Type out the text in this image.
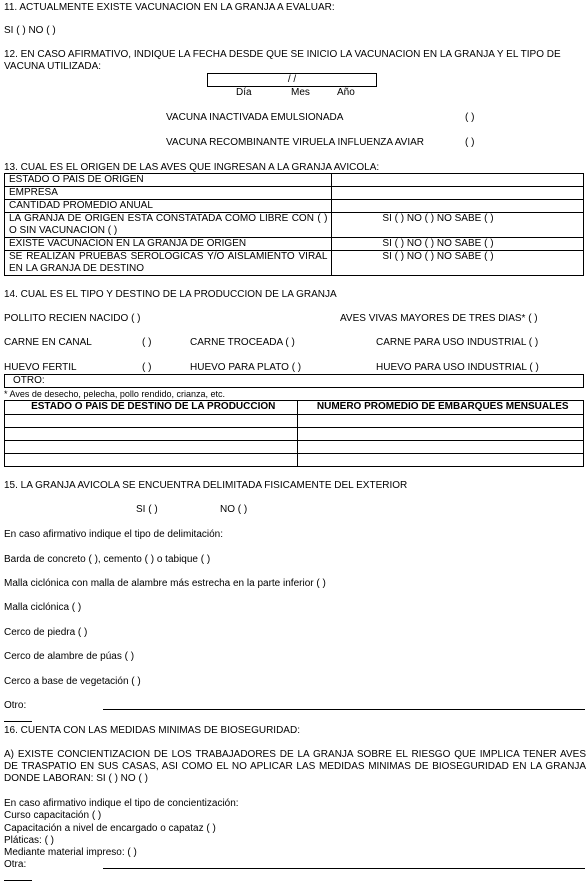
11. ACTUALMENTE EXISTE VACUNACION EN LA GRANJA A EVALUAR:
SI ( ) NO ( )
12. EN CASO AFIRMATIVO, INDIQUE LA FECHA DESDE QUE SE INICIO LA VACUNACION EN LA GRANJA Y EL TIPO DE VACUNA UTILIZADA:
/ /
Día	Mes	Año
VACUNA INACTIVADA EMULSIONADA	( )
VACUNA RECOMBINANTE VIRUELA INFLUENZA AVIAR	( )
13. CUAL ES EL ORIGEN DE LAS AVES QUE INGRESAN A LA GRANJA AVICOLA:
ESTADO O PAIS DE ORIGEN	
EMPRESA	
CANTIDAD PROMEDIO ANUAL	
LA GRANJA DE ORIGEN ESTA CONSTATADA COMO LIBRE CON ( ) O SIN VACUNACION ( )	SI ( ) NO ( ) NO SABE ( )
EXISTE VACUNACION EN LA GRANJA DE ORIGEN	SI ( ) NO ( ) NO SABE ( )
SE REALIZAN PRUEBAS SEROLOGICAS Y/O AISLAMIENTO VIRAL EN LA GRANJA DE DESTINO	SI ( ) NO ( ) NO SABE ( )
14. CUAL ES EL TIPO Y DESTINO DE LA PRODUCCION DE LA GRANJA
POLLITO RECIEN NACIDO ( )	AVES VIVAS MAYORES DE TRES DIAS* ( )
CARNE EN CANAL	( )	CARNE TROCEADA ( )	CARNE PARA USO INDUSTRIAL ( )
HUEVO FERTIL	( )	HUEVO PARA PLATO ( )	HUEVO PARA USO INDUSTRIAL ( )
OTRO:
* Aves de desecho, pelecha, pollo rendido, crianza, etc.
ESTADO O PAIS DE DESTINO DE LA PRODUCCION	NUMERO PROMEDIO DE EMBARQUES MENSUALES

15. LA GRANJA AVICOLA SE ENCUENTRA DELIMITADA FISICAMENTE DEL EXTERIOR
SI ( )	NO ( )
En caso afirmativo indique el tipo de delimitación:
Barda de concreto ( ), cemento ( ) o tabique ( )
Malla ciclónica con malla de alambre más estrecha en la parte inferior ( )
Malla ciclónica ( )
Cerco de piedra ( )
Cerco de alambre de púas ( )
Cerco a base de vegetación ( )
Otro:
16. CUENTA CON LAS MEDIDAS MINIMAS DE BIOSEGURIDAD:
A) EXISTE CONCIENTIZACION DE LOS TRABAJADORES DE LA GRANJA SOBRE EL RIESGO QUE IMPLICA TENER AVES DE TRASPATIO EN SUS CASAS, ASI COMO EL NO APLICAR LAS MEDIDAS MINIMAS DE BIOSEGURIDAD EN LA GRANJA DONDE LABORAN: SI ( ) NO ( )
En caso afirmativo indique el tipo de concientización:
Curso capacitación ( )
Capacitación a nivel de encargado o capataz ( )
Pláticas: ( )
Mediante material impreso: ( )
Otra:
